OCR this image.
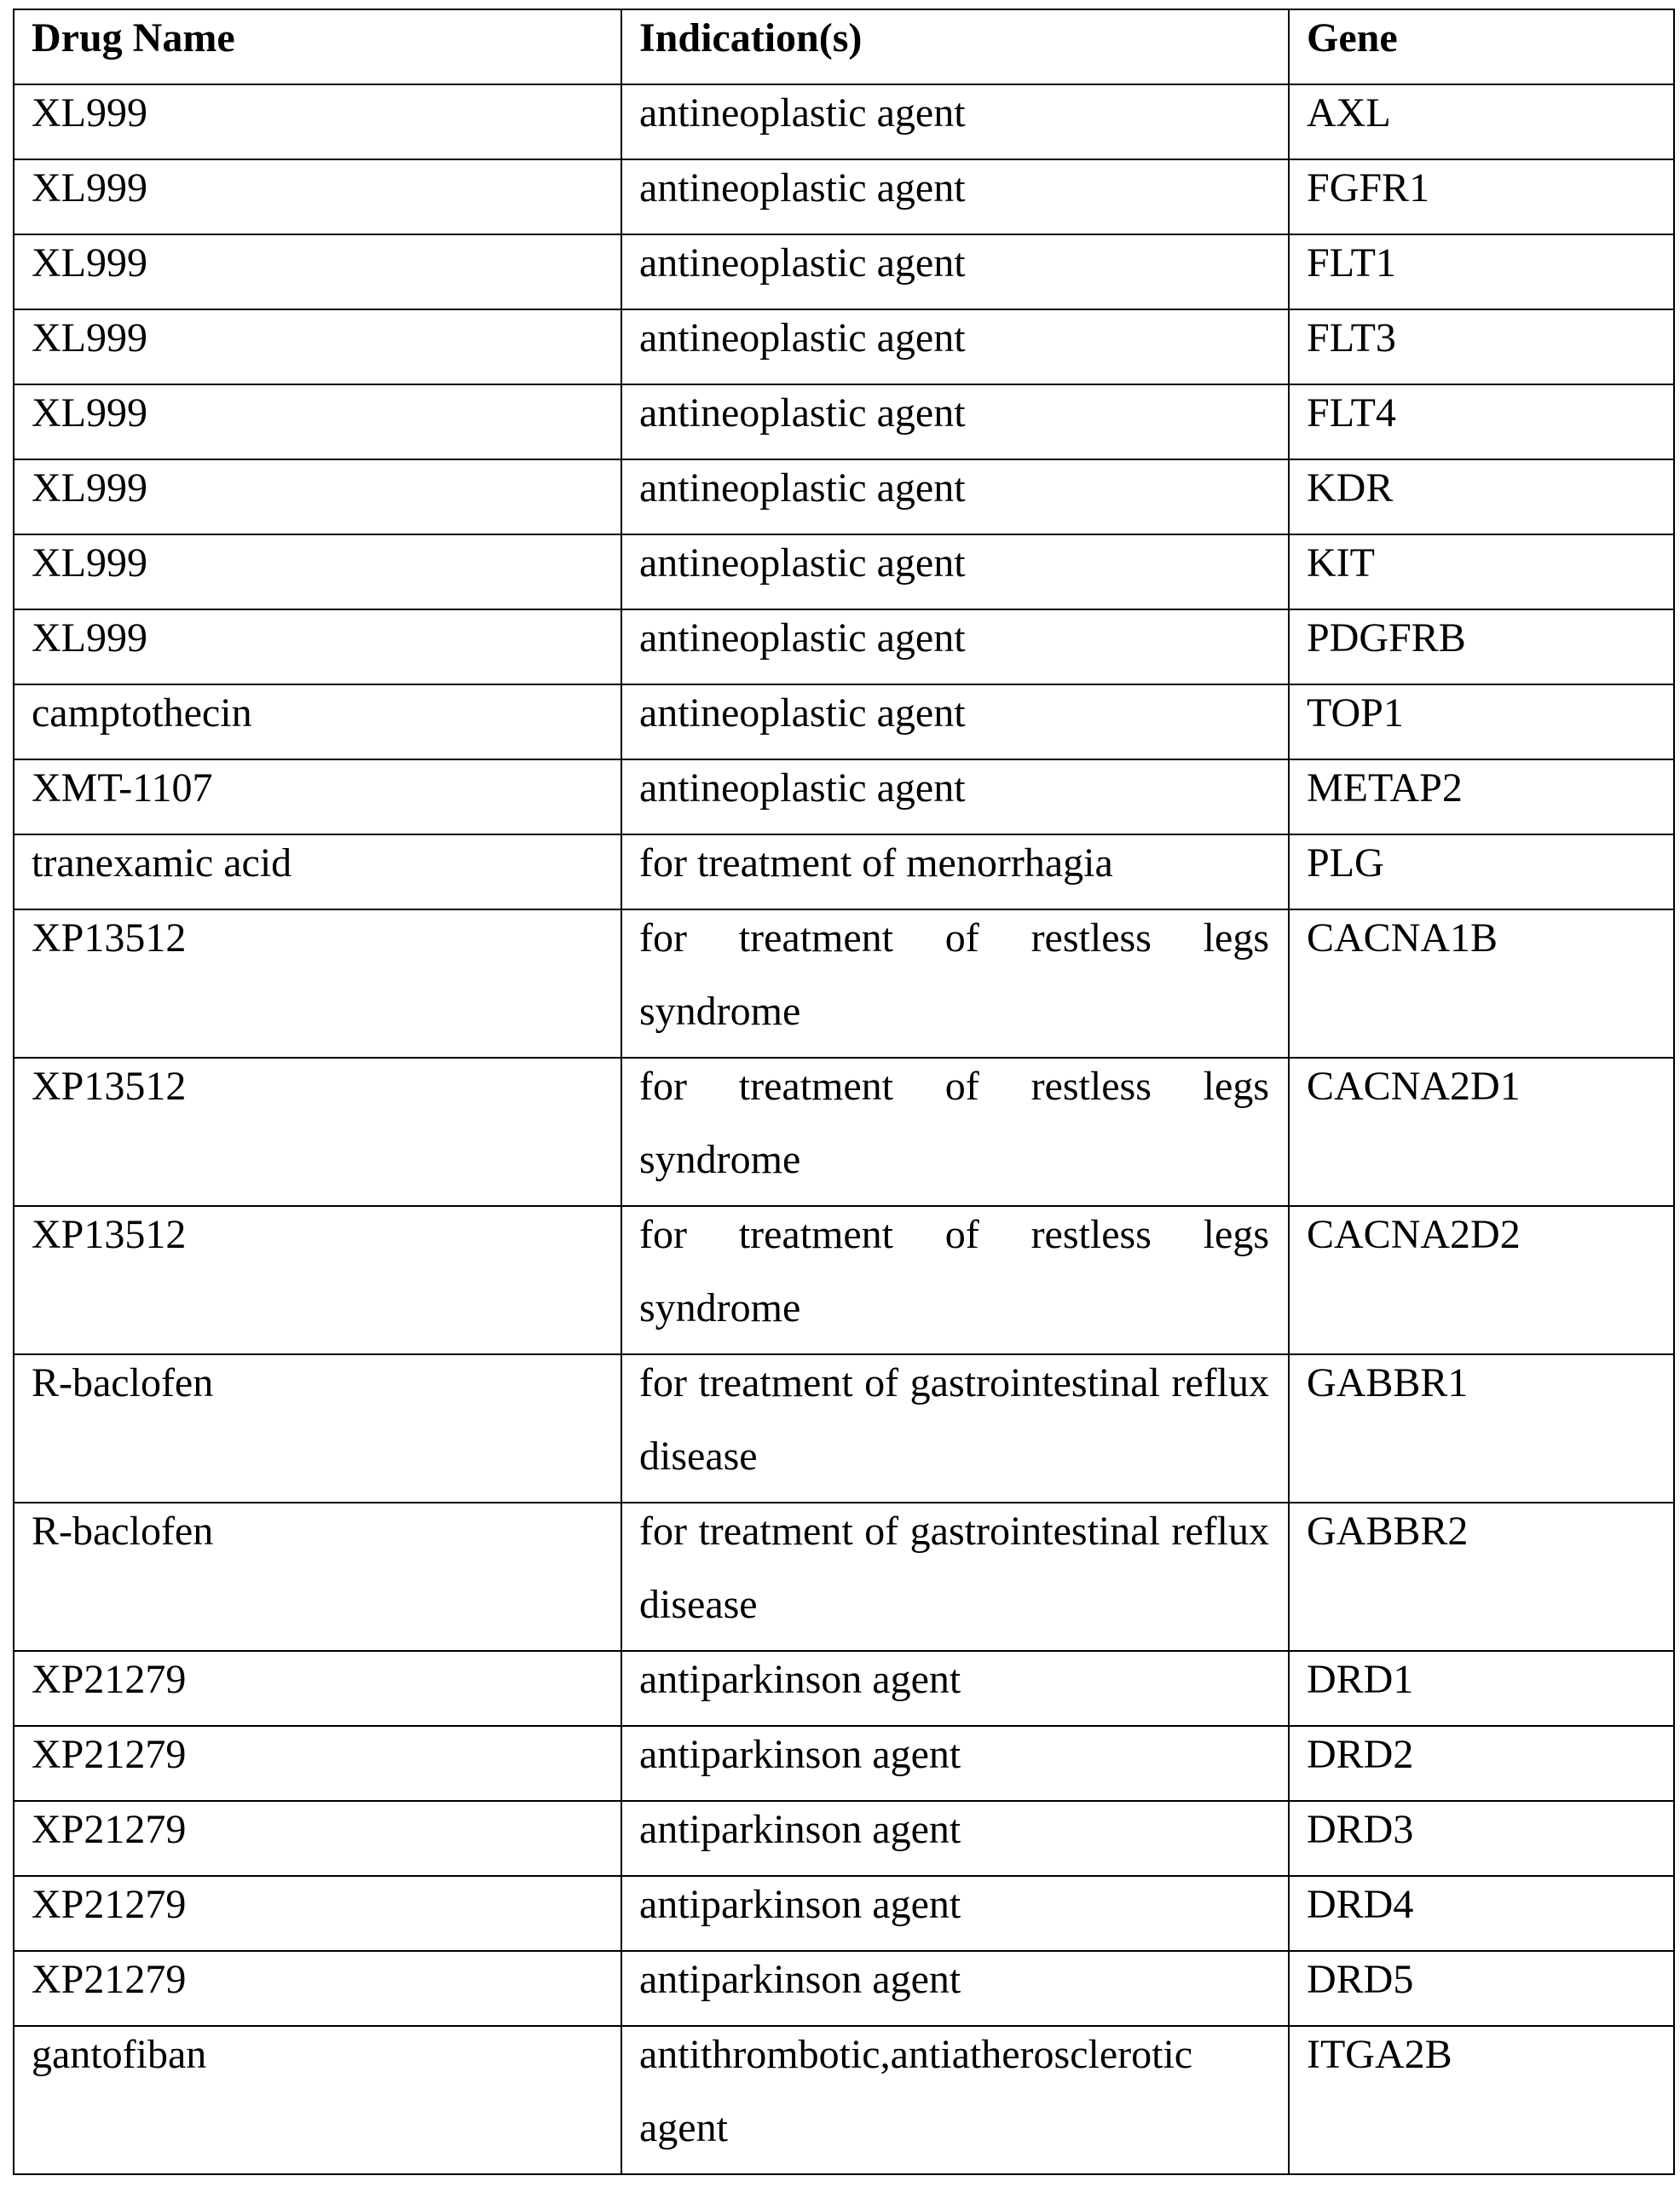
Drug Name	Indication(s)	Gene

XL999	antineoplastic agent	AXL

XL999	antineoplastic agent	FGFR1

XL999	antineoplastic agent	FLT1

XL999	antineoplastic agent	FLT3

XL999	antineoplastic agent	FLT4

XL999	antineoplastic agent	KDR

XL999	antineoplastic agent	KIT

XL999	antineoplastic agent	PDGFRB

camptothecin	antineoplastic agent	TOP1

XMT-1107	antineoplastic agent	METAP2

tranexamic acid	for treatment of menorrhagia	PLG

XP13512	for treatment of restless legs syndrome

CACNA1B

XP13512	for treatment of restless legs syndrome

CACNA2D1

XP13512	for treatment of restless legs syndrome

CACNA2D2

R-baclofen	for treatment of gastrointestinal reflux disease

GABBR1

R-baclofen	for treatment of gastrointestinal reflux disease

GABBR2

XP21279	antiparkinson agent	DRD1

XP21279	antiparkinson agent	DRD2

XP21279	antiparkinson agent	DRD3

XP21279	antiparkinson agent	DRD4

XP21279	antiparkinson agent	DRD5

gantofiban	antithrombotic,antiatherosclerotic agent

ITGA2B
